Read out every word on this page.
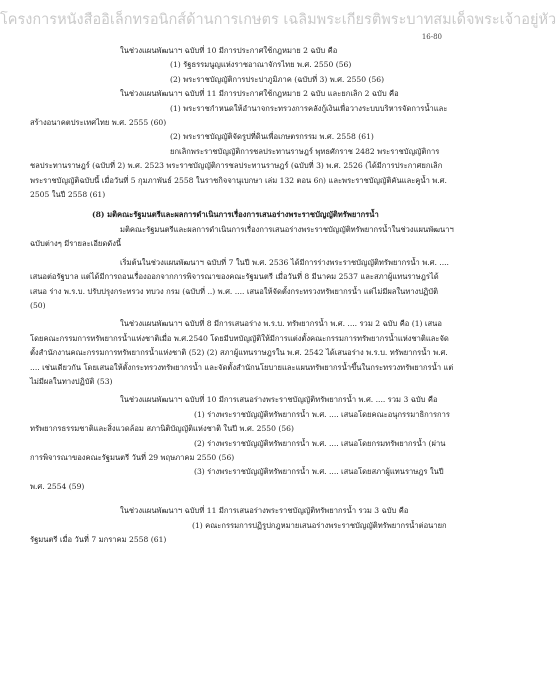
โครงการหนังสืออิเล็กทรอนิกส์ด้านการเกษตร เฉลิมพระเกียรติพระบาทสมเด็จพระเจ้าอยู่หัว
16-80

ในช่วงแผนพัฒนาฯ ฉบับที่ 10 มีการประกาศใช้กฎหมาย 2 ฉบับ คือ

(1) รัฐธรรมนูญแห่งราชอาณาจักรไทย พ.ศ. 2550 (56)

(2) พระราชบัญญัติการประปาภูมิภาค (ฉบับที่ 3) พ.ศ. 2550 (56)

ในช่วงแผนพัฒนาฯ ฉบับที่ 11 มีการประกาศใช้กฎหมาย 2 ฉบับ และยกเลิก 2 ฉบับ คือ

(1) พระราชกำหนดให้อำนาจกระทรวงการคลังกู้เงินเพื่อวางระบบบริหารจัดการน้ำและสร้างอนาคตประเทศไทย พ.ศ. 2555 (60)

(2) พระราชบัญญัติจัดรูปที่ดินเพื่อเกษตรกรรม พ.ศ. 2558 (61)

ยกเลิกพระราชบัญญัติการชลประทานราษฎร์ พุทธศักราช 2482 พระราชบัญญัติการชลประทานราษฎร์ (ฉบับที่ 2) พ.ศ. 2523 พระราชบัญญัติการชลประทานราษฎร์ (ฉบับที่ 3) พ.ศ. 2526 (ได้มีการประกาศยกเลิกพระราชบัญญัติฉบับนี้ เมื่อวันที่ 5 กุมภาพันธ์ 2558 ในราชกิจจานุเบกษา เล่ม 132 ตอน 6ก) และพระราชบัญญัติคันและคูน้ำ พ.ศ. 2505 ในปี 2558 (61)

(8) มติคณะรัฐมนตรีและผลการดำเนินการเรื่องการเสนอร่างพระราชบัญญัติทรัพยากรน้ำ

มติคณะรัฐมนตรีและผลการดำเนินการเรื่องการเสนอร่างพระราชบัญญัติทรัพยากรน้ำในช่วงแผนพัฒนาฯ ฉบับต่างๆ มีรายละเอียดดังนี้

เริ่มต้นในช่วงแผนพัฒนาฯ ฉบับที่ 7 ในปี พ.ศ. 2536 ได้มีการร่างพระราชบัญญัติทรัพยากรน้ำ พ.ศ. .... เสนอต่อรัฐบาล แต่ได้มีการถอนเรื่องออกจากการพิจารณาของคณะรัฐมนตรี เมื่อวันที่ 8 มีนาคม 2537 และสภาผู้แทนราษฎรได้เสนอ ร่าง พ.ร.บ. ปรับปรุงกระทรวง ทบวง กรม (ฉบับที่ ..) พ.ศ. .... เสนอให้จัดตั้งกระทรวงทรัพยากรน้ำ แต่ไม่มีผลในทางปฏิบัติ (50)

ในช่วงแผนพัฒนาฯ ฉบับที่ 8 มีการเสนอร่าง พ.ร.บ. ทรัพยากรน้ำ พ.ศ. .... รวม 2 ฉบับ คือ (1) เสนอโดยคณะกรรมการทรัพยากรน้ำแห่งชาติเมื่อ พ.ศ.2540 โดยมีบทบัญญัติให้มีการแต่งตั้งคณะกรรมการทรัพยากรน้ำแห่งชาติและจัดตั้งสำนักงานคณะกรรมการทรัพยากรน้ำแห่งชาติ (52) (2) สภาผู้แทนราษฎรใน พ.ศ. 2542 ได้เสนอร่าง พ.ร.บ. ทรัพยากรน้ำ พ.ศ. .... เช่นเดียวกัน โดยเสนอให้ตั้งกระทรวงทรัพยากรน้ำ และจัดตั้งสำนักนโยบายและแผนทรัพยากรน้ำขึ้นในกระทรวงทรัพยากรน้ำ แต่ไม่มีผลในทางปฏิบัติ (53)

ในช่วงแผนพัฒนาฯ ฉบับที่ 10 มีการเสนอร่างพระราชบัญญัติทรัพยากรน้ำ พ.ศ. .... รวม 3 ฉบับ คือ

(1) ร่างพระราชบัญญัติทรัพยากรน้ำ พ.ศ. .... เสนอโดยคณะอนุกรรมาธิการการทรัพยากรธรรมชาติและสิ่งแวดล้อม สภานิติบัญญัติแห่งชาติ ในปี พ.ศ. 2550 (56)

(2) ร่างพระราชบัญญัติทรัพยากรน้ำ พ.ศ. .... เสนอโดยกรมทรัพยากรน้ำ (ผ่านการพิจารณาของคณะรัฐมนตรี วันที่ 29 พฤษภาคม 2550 (56)

(3) ร่างพระราชบัญญัติทรัพยากรน้ำ พ.ศ. .... เสนอโดยสภาผู้แทนราษฎร ในปี พ.ศ. 2554 (59)

ในช่วงแผนพัฒนาฯ ฉบับที่ 11 มีการเสนอร่างพระราชบัญญัติทรัพยากรน้ำ รวม 3 ฉบับ คือ

(1) คณะกรรมการปฏิรูปกฎหมายเสนอร่างพระราชบัญญัติทรัพยากรน้ำต่อนายกรัฐมนตรี เมื่อ วันที่ 7 มกราคม 2558 (61)
